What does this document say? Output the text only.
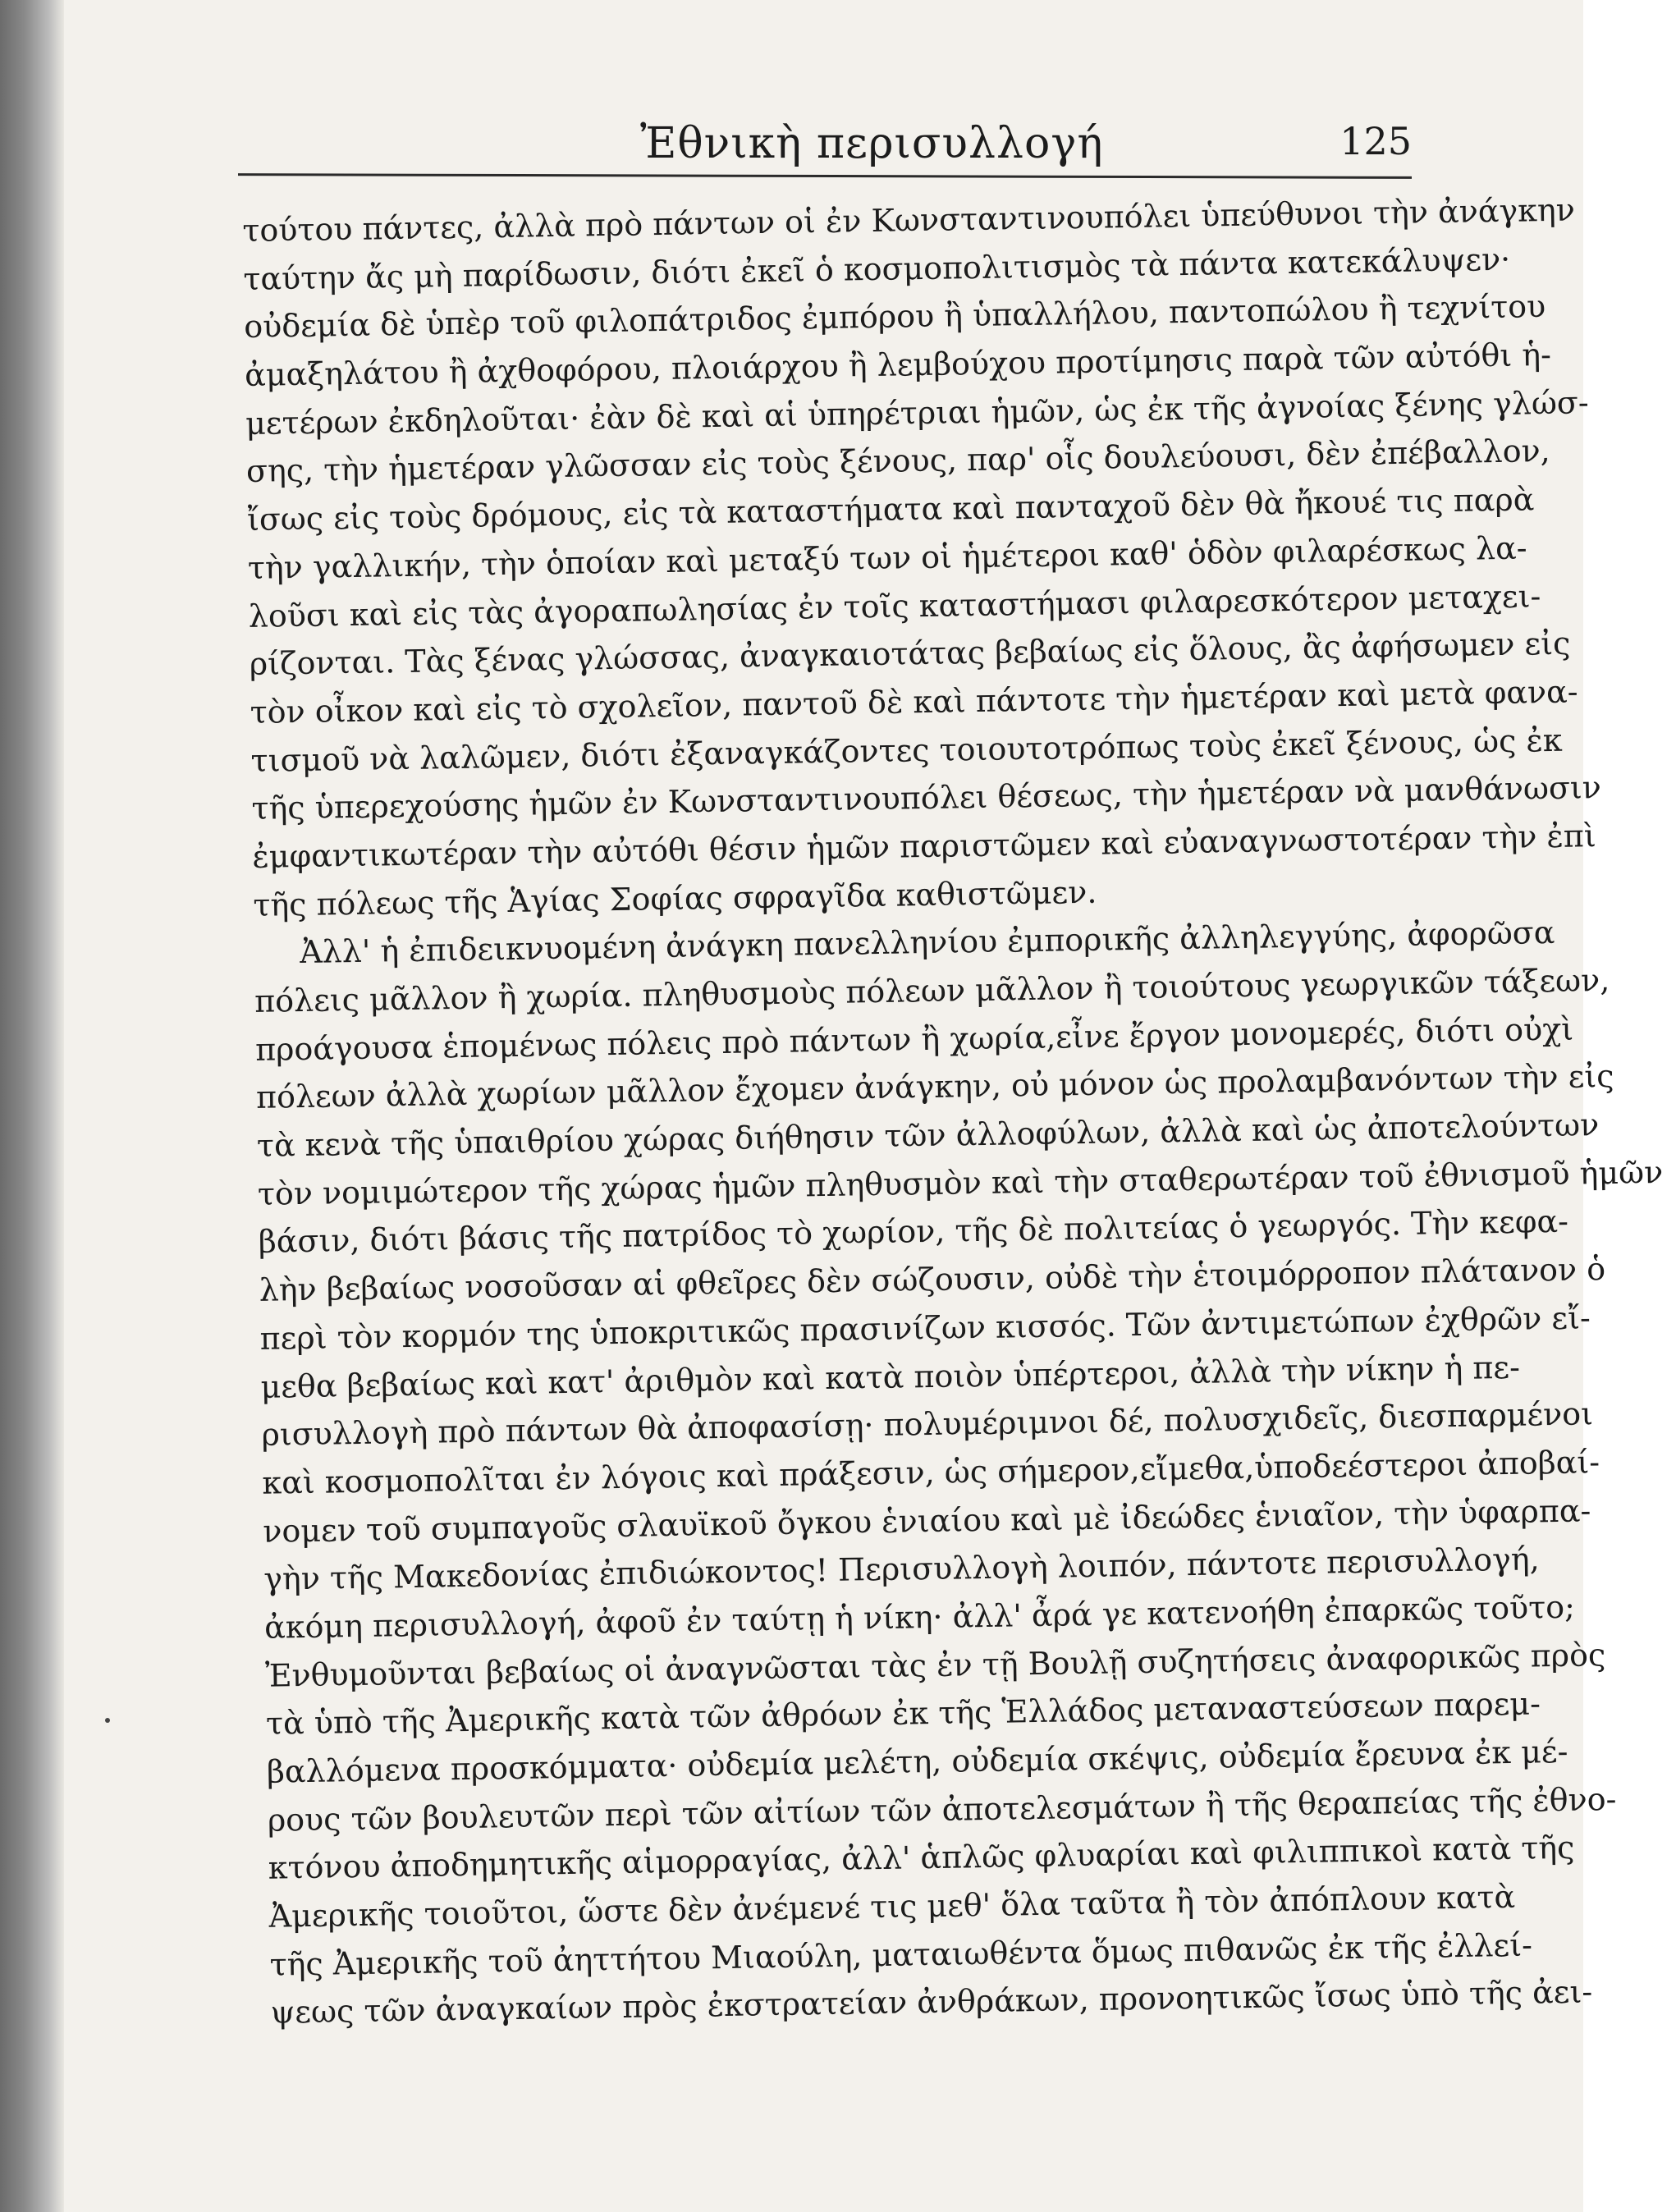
Ἐθνικὴ περισυλλογή	125
τούτου πάντες, ἀλλὰ πρὸ πάντων οἱ ἐν Κωνσταντινουπόλει ὑπεύθυνοι τὴν ἀνάγκην
ταύτην ἄς μὴ παρίδωσιν, διότι ἐκεῖ ὁ κοσμοπολιτισμὸς τὰ πάντα κατεκάλυψεν·
οὐδεμία δὲ ὑπὲρ τοῦ φιλοπάτριδος ἐμπόρου ἢ ὑπαλλήλου, παντοπώλου ἢ τεχνίτου
ἀμαξηλάτου ἢ ἀχθοφόρου, πλοιάρχου ἢ λεμβούχου προτίμησις παρὰ τῶν αὐτόθι ἡ-
μετέρων ἐκδηλοῦται· ἐὰν δὲ καὶ αἱ ὑπηρέτριαι ἡμῶν, ὡς ἐκ τῆς ἀγνοίας ξένης γλώσ-
σης, τὴν ἡμετέραν γλῶσσαν εἰς τοὺς ξένους, παρ' οἷς δουλεύουσι, δὲν ἐπέβαλλον,
ἴσως εἰς τοὺς δρόμους, εἰς τὰ καταστήματα καὶ πανταχοῦ δὲν θὰ ἤκουέ τις παρὰ
τὴν γαλλικήν, τὴν ὁποίαν καὶ μεταξύ των οἱ ἡμέτεροι καθ' ὁδὸν φιλαρέσκως λα-
λοῦσι καὶ εἰς τὰς ἀγοραπωλησίας ἐν τοῖς καταστήμασι φιλαρεσκότερον μεταχει-
ρίζονται. Τὰς ξένας γλώσσας, ἀναγκαιοτάτας βεβαίως εἰς ὅλους, ἂς ἀφήσωμεν εἰς
τὸν οἶκον καὶ εἰς τὸ σχολεῖον, παντοῦ δὲ καὶ πάντοτε τὴν ἡμετέραν καὶ μετὰ φανα-
τισμοῦ νὰ λαλῶμεν, διότι ἐξαναγκάζοντες τοιουτοτρόπως τοὺς ἐκεῖ ξένους, ὡς ἐκ
τῆς ὑπερεχούσης ἡμῶν ἐν Κωνσταντινουπόλει θέσεως, τὴν ἡμετέραν νὰ μανθάνωσιν
ἐμφαντικωτέραν τὴν αὐτόθι θέσιν ἡμῶν παριστῶμεν καὶ εὐαναγνωστοτέραν τὴν ἐπὶ
τῆς πόλεως τῆς Ἁγίας Σοφίας σφραγῖδα καθιστῶμεν.
Ἀλλ' ἡ ἐπιδεικνυομένη ἀνάγκη πανελληνίου ἐμπορικῆς ἀλληλεγγύης, ἀφορῶσα
πόλεις μᾶλλον ἢ χωρία. πληθυσμοὺς πόλεων μᾶλλον ἢ τοιούτους γεωργικῶν τάξεων,
προάγουσα ἑπομένως πόλεις πρὸ πάντων ἢ χωρία,εἶνε ἔργον μονομερές, διότι οὐχὶ
πόλεων ἀλλὰ χωρίων μᾶλλον ἔχομεν ἀνάγκην, οὐ μόνον ὡς προλαμβανόντων τὴν εἰς
τὰ κενὰ τῆς ὑπαιθρίου χώρας διήθησιν τῶν ἀλλοφύλων, ἀλλὰ καὶ ὡς ἀποτελούντων
τὸν νομιμώτερον τῆς χώρας ἡμῶν πληθυσμὸν καὶ τὴν σταθερωτέραν τοῦ ἐθνισμοῦ ἡμῶν
βάσιν, διότι βάσις τῆς πατρίδος τὸ χωρίον, τῆς δὲ πολιτείας ὁ γεωργός. Τὴν κεφα-
λὴν βεβαίως νοσοῦσαν αἱ φθεῖρες δὲν σώζουσιν, οὐδὲ τὴν ἑτοιμόρροπον πλάτανον ὁ
περὶ τὸν κορμόν της ὑποκριτικῶς πρασινίζων κισσός. Τῶν ἀντιμετώπων ἐχθρῶν εἴ-
μεθα βεβαίως καὶ κατ' ἀριθμὸν καὶ κατὰ ποιὸν ὑπέρτεροι, ἀλλὰ τὴν νίκην ἡ πε-
ρισυλλογὴ πρὸ πάντων θὰ ἀποφασίσῃ· πολυμέριμνοι δέ, πολυσχιδεῖς, διεσπαρμένοι
καὶ κοσμοπολῖται ἐν λόγοις καὶ πράξεσιν, ὡς σήμερον,εἴμεθα,ὑποδεέστεροι ἀποβαί-
νομεν τοῦ συμπαγοῦς σλαυϊκοῦ ὄγκου ἑνιαίου καὶ μὲ ἰδεώδες ἑνιαῖον, τὴν ὑφαρπα-
γὴν τῆς Μακεδονίας ἐπιδιώκοντος! Περισυλλογὴ λοιπόν, πάντοτε περισυλλογή,
ἀκόμη περισυλλογή, ἀφοῦ ἐν ταύτῃ ἡ νίκη· ἀλλ' ἆρά γε κατενοήθη ἐπαρκῶς τοῦτο;
Ἐνθυμοῦνται βεβαίως οἱ ἀναγνῶσται τὰς ἐν τῇ Βουλῇ συζητήσεις ἀναφορικῶς πρὸς
τὰ ὑπὸ τῆς Ἀμερικῆς κατὰ τῶν ἀθρόων ἐκ τῆς Ἑλλάδος μεταναστεύσεων παρεμ-
βαλλόμενα προσκόμματα· οὐδεμία μελέτη, οὐδεμία σκέψις, οὐδεμία ἔρευνα ἐκ μέ-
ρους τῶν βουλευτῶν περὶ τῶν αἰτίων τῶν ἀποτελεσμάτων ἢ τῆς θεραπείας τῆς ἐθνο-
κτόνου ἀποδημητικῆς αἱμορραγίας, ἀλλ' ἁπλῶς φλυαρίαι καὶ φιλιππικοὶ κατὰ τῆς
Ἀμερικῆς τοιοῦτοι, ὥστε δὲν ἀνέμενέ τις μεθ' ὅλα ταῦτα ἢ τὸν ἀπόπλουν κατὰ
τῆς Ἀμερικῆς τοῦ ἀηττήτου Μιαούλη, ματαιωθέντα ὅμως πιθανῶς ἐκ τῆς ἐλλεί-
ψεως τῶν ἀναγκαίων πρὸς ἐκστρατείαν ἀνθράκων, προνοητικῶς ἴσως ὑπὸ τῆς ἀει-
